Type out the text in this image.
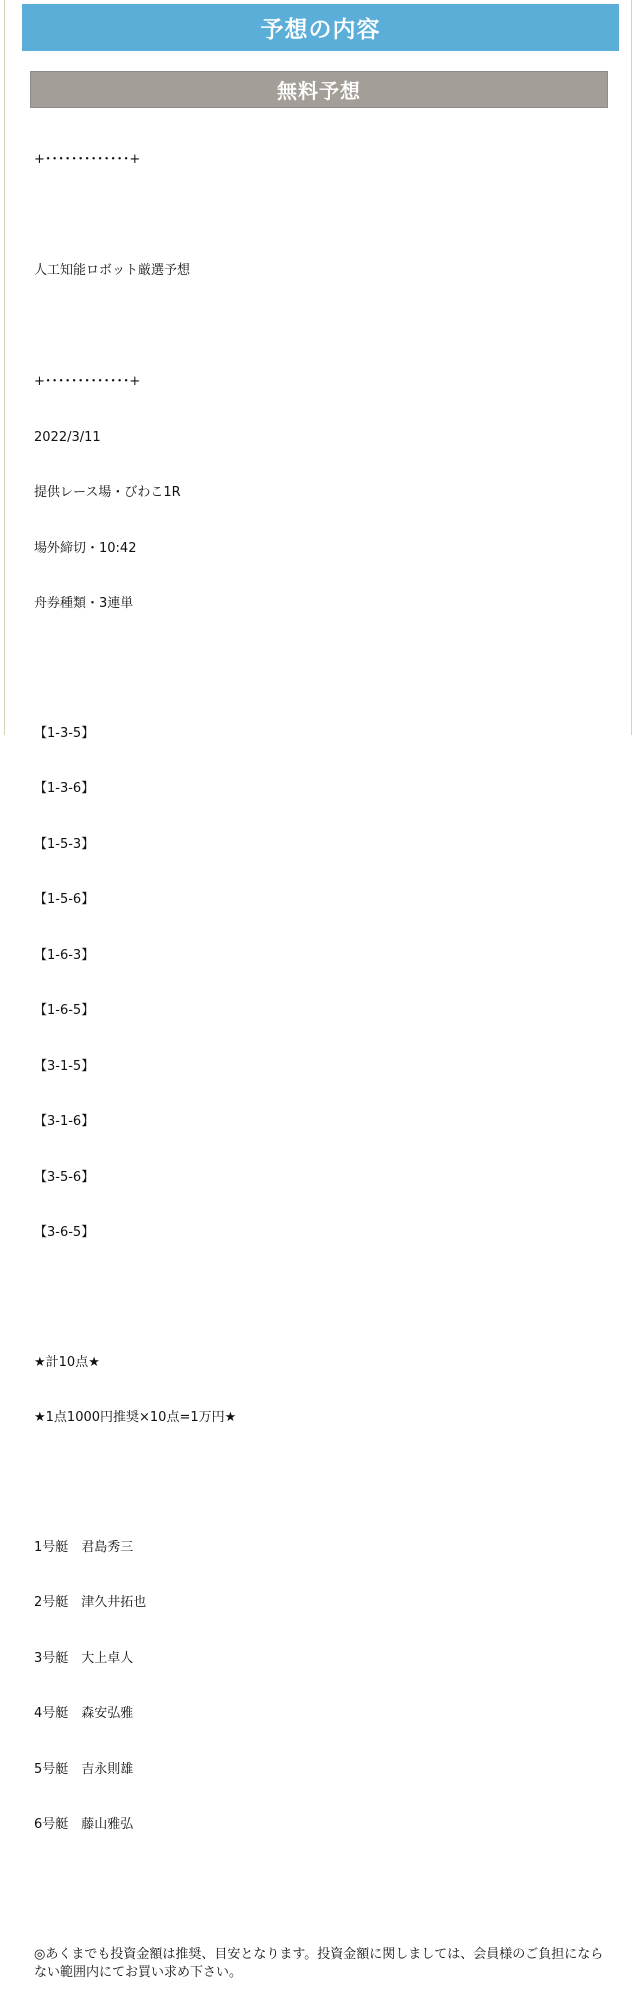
予想の内容
無料予想

+･････････････+

人工知能ロボット厳選予想

+･････････････+

2022/3/11

提供レース場・びわこ1R

場外締切・10:42

舟券種類・3連単

【1-3-5】

【1-3-6】

【1-5-3】

【1-5-6】

【1-6-3】

【1-6-5】

【3-1-5】

【3-1-6】

【3-5-6】

【3-6-5】

★計10点★

★1点1000円推奨×10点=1万円★

1号艇　君島秀三

2号艇　津久井拓也

3号艇　大上卓人

4号艇　森安弘雅

5号艇　吉永則雄

6号艇　藤山雅弘

◎あくまでも投資金額は推奨、目安となります。投資金額に関しましては、会員様のご負担にならない範囲内にてお買い求め下さい。
